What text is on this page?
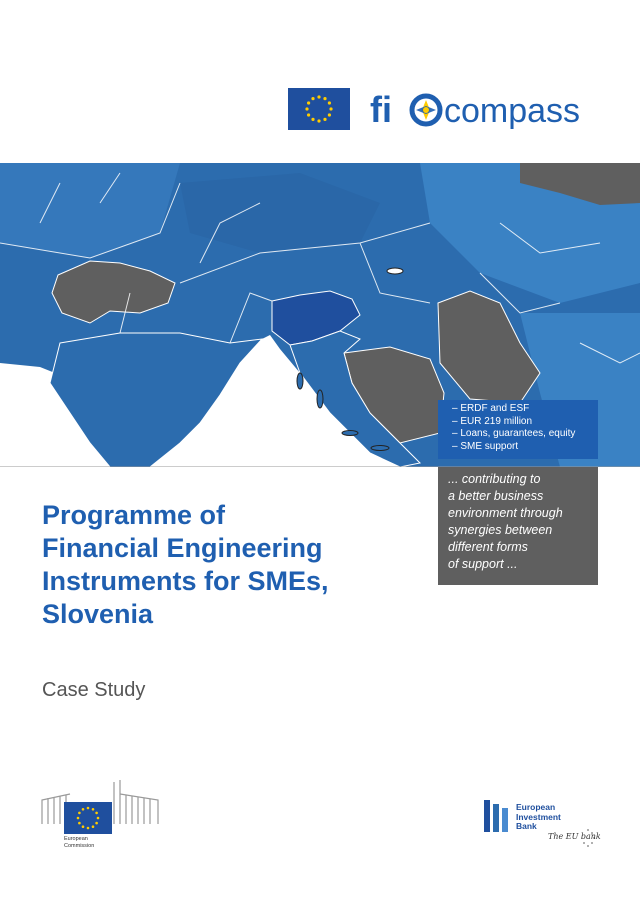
fi compass
– ERDF and ESF
– EUR 219 million
– Loans, guarantees, equity
– SME support
... contributing to
a better business
environment through
synergies between
different forms
of support ...
Programme of
Financial Engineering
Instruments for SMEs,
Slovenia
Case Study
European
Commission
European
Investment
Bank
The EU bank
